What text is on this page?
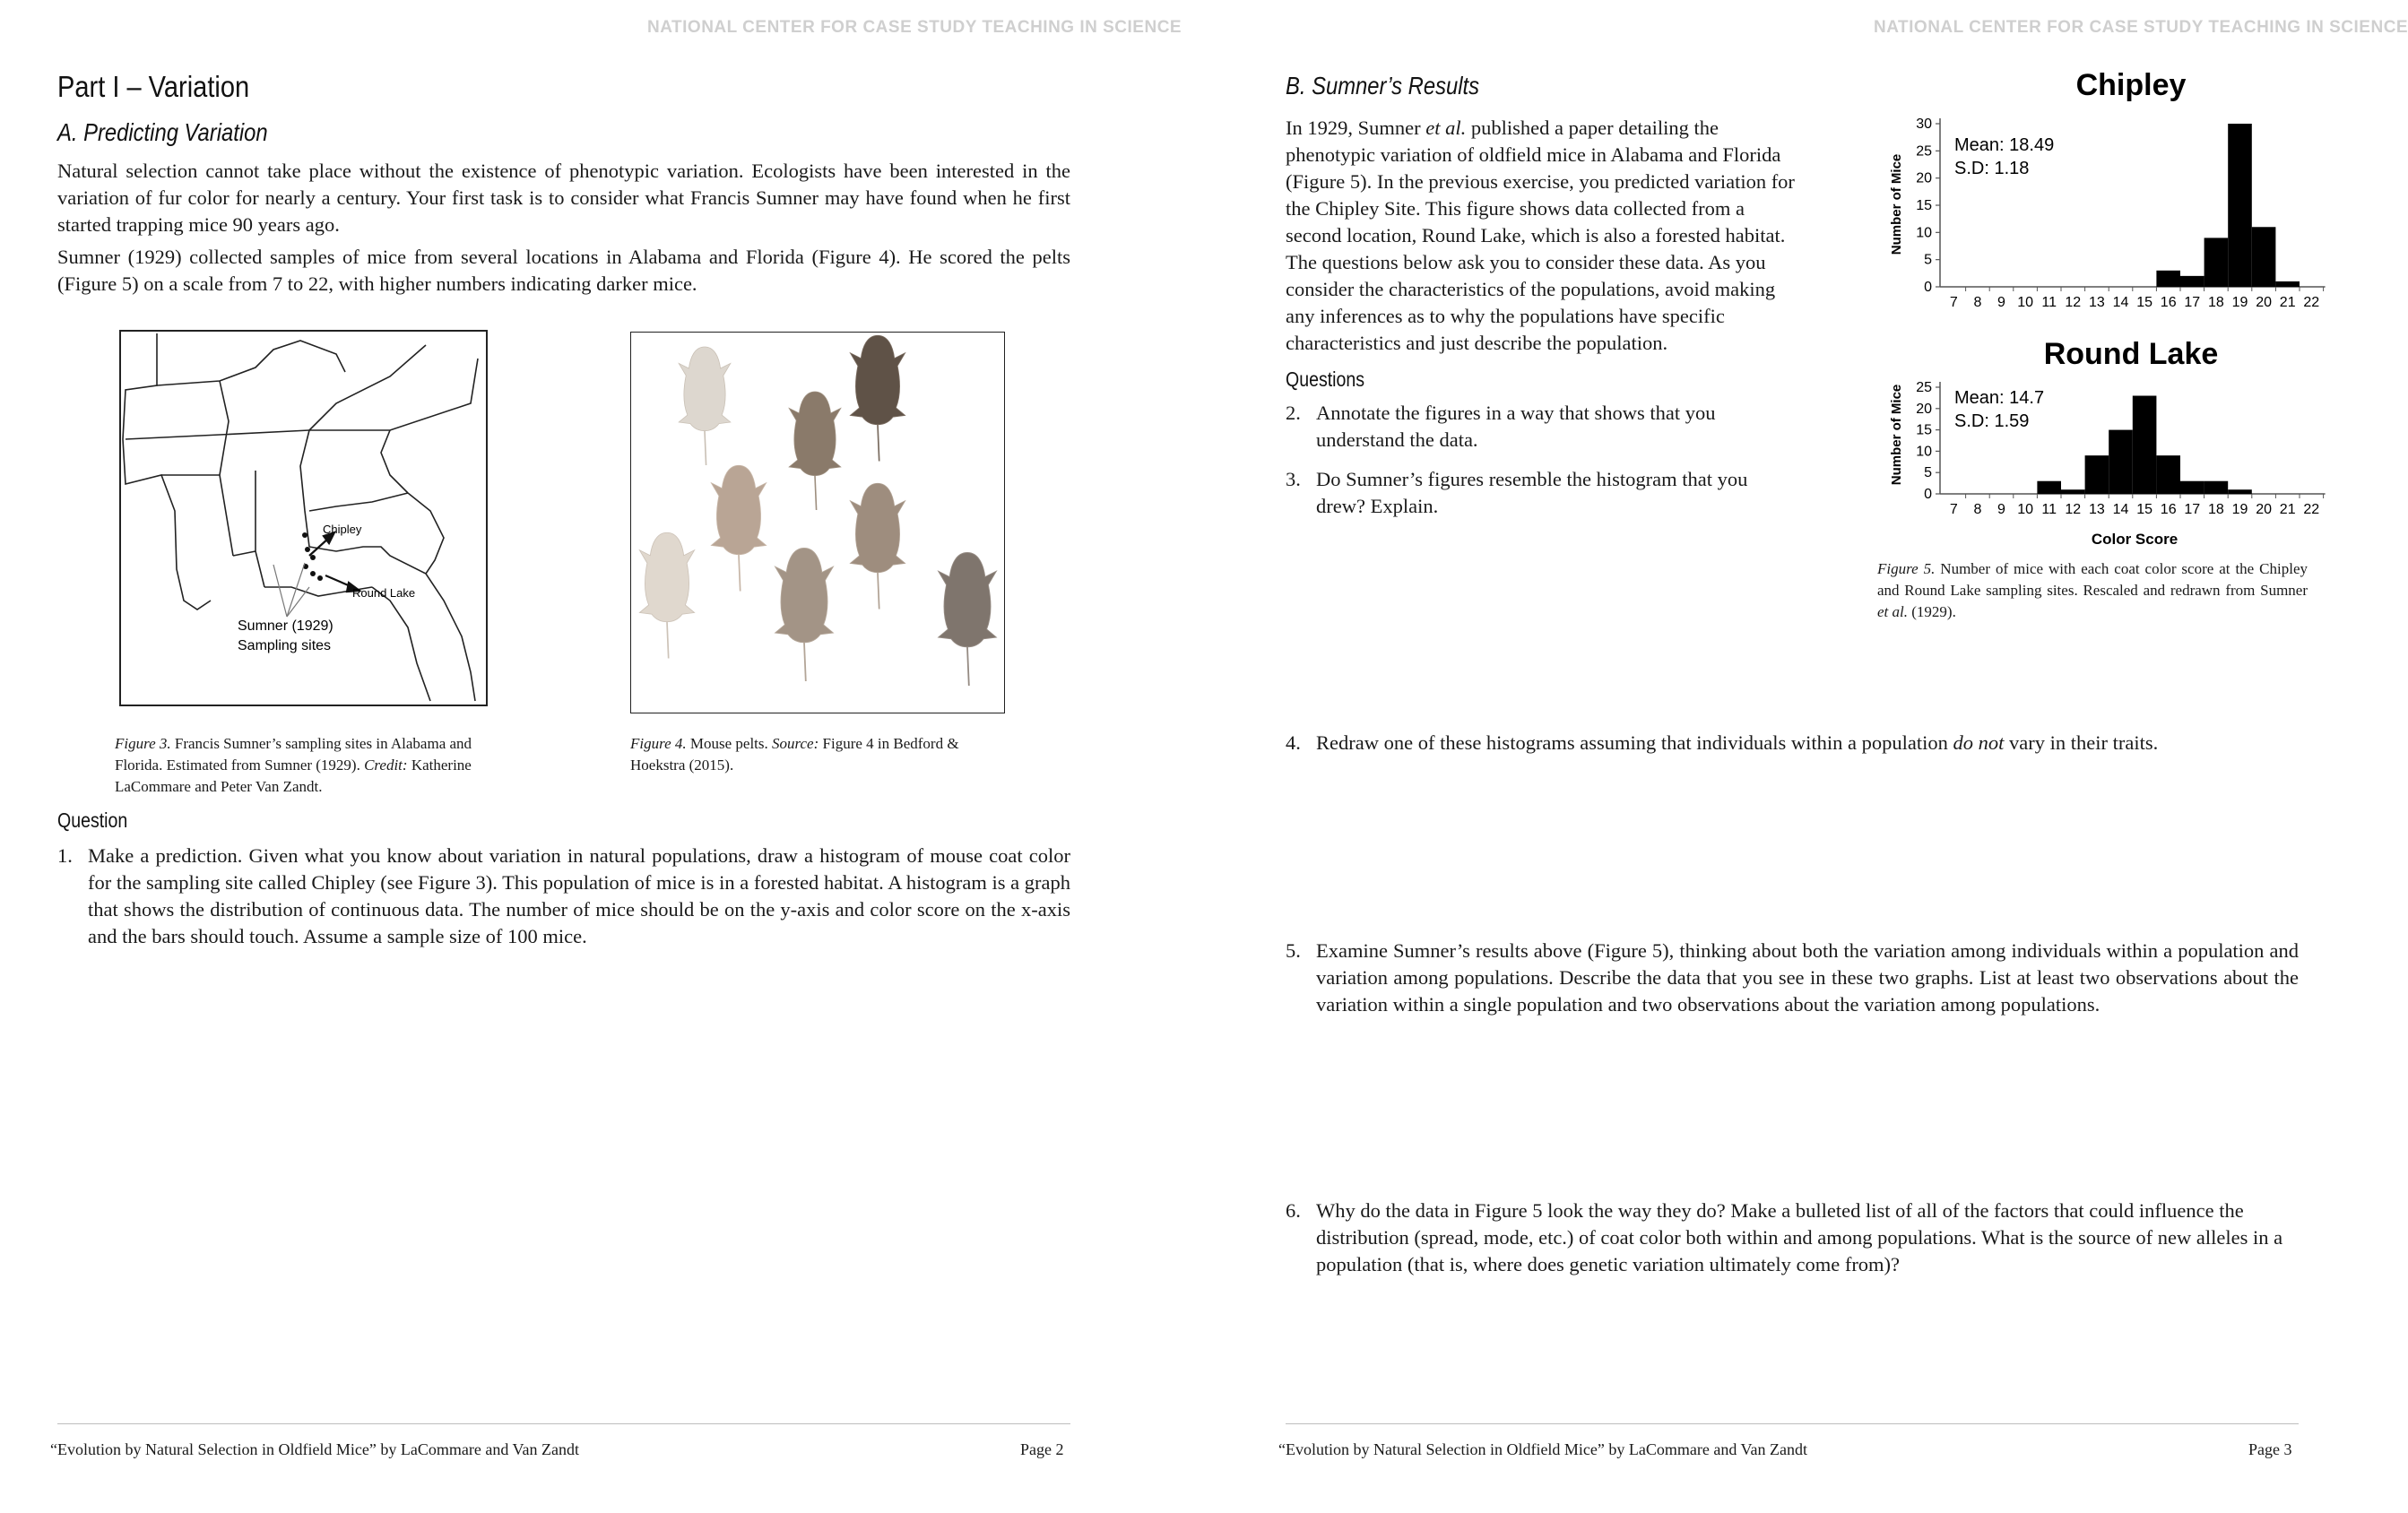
NATIONAL CENTER FOR CASE STUDY TEACHING IN SCIENCE
Part I – Variation
A. Predicting Variation
Natural selection cannot take place without the existence of phenotypic variation. Ecologists have been interested in the variation of fur color for nearly a century. Your first task is to consider what Francis Sumner may have found when he first started trapping mice 90 years ago.
Sumner (1929) collected samples of mice from several locations in Alabama and Florida (Figure 4). He scored the pelts (Figure 5) on a scale from 7 to 22, with higher numbers indicating darker mice.
Chipley
Round Lake
Sumner (1929)
Sampling sites
Figure 3. Francis Sumner’s sampling sites in Alabama and Florida. Estimated from Sumner (1929). Credit: Katherine LaCommare and Peter Van Zandt.
Figure 4. Mouse pelts. Source: Figure 4 in Bedford & Hoekstra (2015).
Question
1. Make a prediction. Given what you know about variation in natural populations, draw a histogram of mouse coat color for the sampling site called Chipley (see Figure 3). This population of mice is in a forested habitat. A histogram is a graph that shows the distribution of continuous data. The number of mice should be on the y-axis and color score on the x-axis and the bars should touch. Assume a sample size of 100 mice.
“Evolution by Natural Selection in Oldfield Mice” by LaCommare and Van Zandt	Page 2
NATIONAL CENTER FOR CASE STUDY TEACHING IN SCIENCE
B. Sumner’s Results
In 1929, Sumner et al. published a paper detailing the phenotypic variation of oldfield mice in Alabama and Florida (Figure 5). In the previous exercise, you predicted variation for the Chipley Site. This figure shows data collected from a second location, Round Lake, which is also a forested habitat. The questions below ask you to consider these data. As you consider the characteristics of the populations, avoid making any inferences as to why the populations have specific characteristics and just describe the population.
Questions
2. Annotate the figures in a way that shows that you understand the data.
3. Do Sumner’s figures resemble the histogram that you drew? Explain.
Chipley
Mean: 18.49
S.D: 1.18
Number of Mice
0
5
10
15
20
25
30
7 8 9 10 11 12 13 14 15 16 17 18 19 20 21 22
Round Lake
Mean: 14.7
S.D: 1.59
Number of Mice
Color Score
0
5
10
15
20
25
7 8 9 10 11 12 13 14 15 16 17 18 19 20 21 22
Figure 5. Number of mice with each coat color score at the Chipley and Round Lake sampling sites. Rescaled and redrawn from Sumner et al. (1929).
4. Redraw one of these histograms assuming that individuals within a population do not vary in their traits.
5. Examine Sumner’s results above (Figure 5), thinking about both the variation among individuals within a population and variation among populations. Describe the data that you see in these two graphs. List at least two observations about the variation within a single population and two observations about the variation among populations.
6. Why do the data in Figure 5 look the way they do? Make a bulleted list of all of the factors that could influence the distribution (spread, mode, etc.) of coat color both within and among populations. What is the source of new alleles in a population (that is, where does genetic variation ultimately come from)?
“Evolution by Natural Selection in Oldfield Mice” by LaCommare and Van Zandt	Page 3
